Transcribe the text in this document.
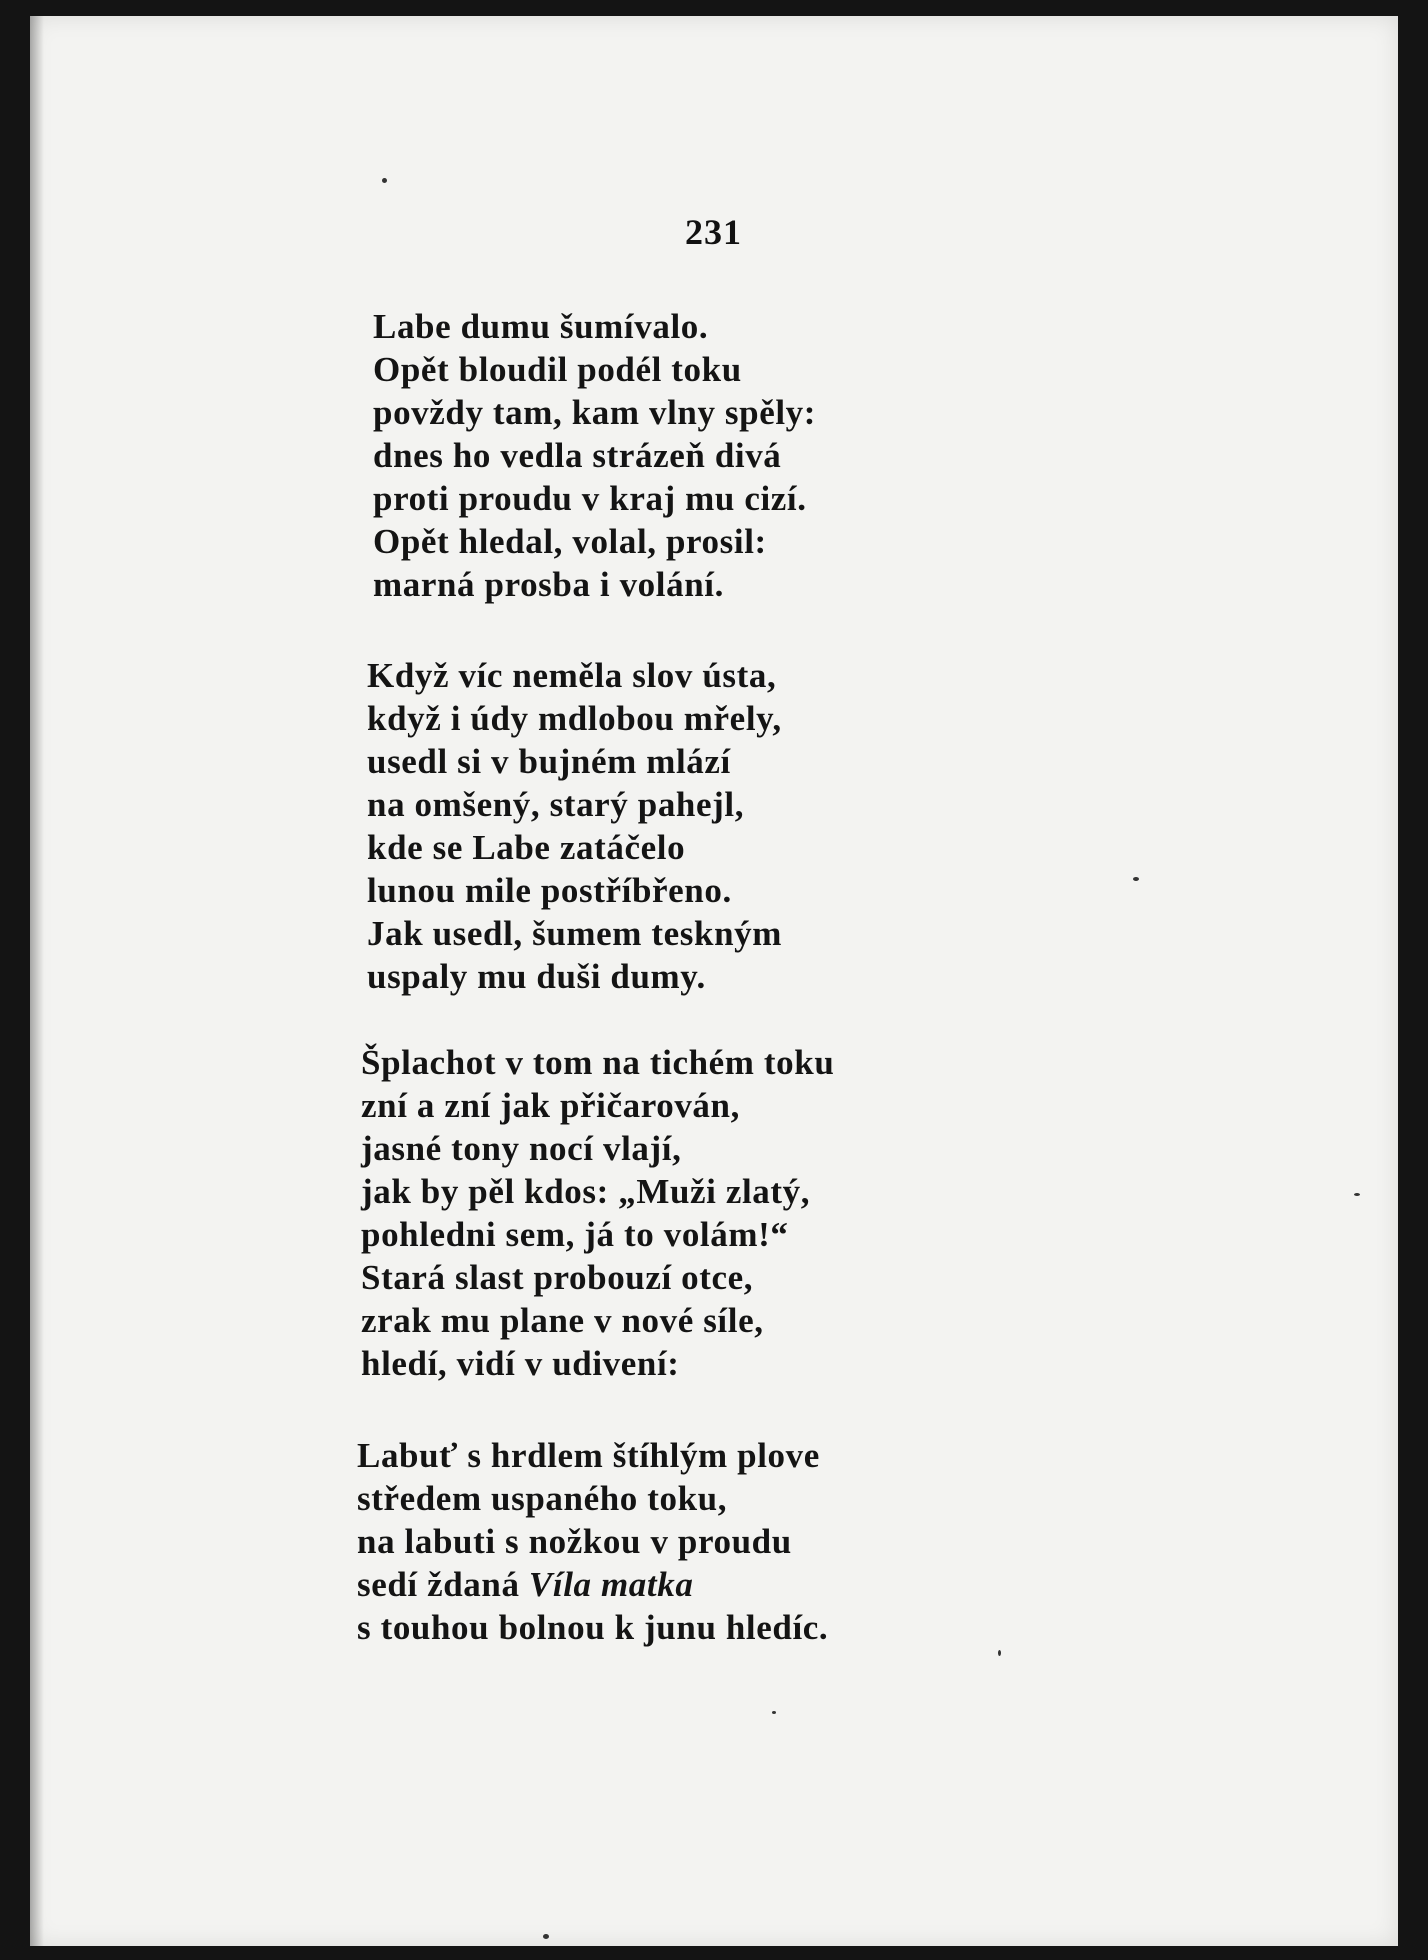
231
Labe dumu šumívalo.
Opět bloudil podél toku
povždy tam, kam vlny spěly:
dnes ho vedla strázeň divá
proti proudu v kraj mu cizí.
Opět hledal, volal, prosil:
marná prosba i volání.
Když víc neměla slov ústa,
když i údy mdlobou mřely,
usedl si v bujném mlází
na omšený, starý pahejl,
kde se Labe zatáčelo
lunou mile postříbřeno.
Jak usedl, šumem teskným
uspaly mu duši dumy.
Šplachot v tom na tichém toku
zní a zní jak přičarován,
jasné tony nocí vlají,
jak by pěl kdos: „Muži zlatý,
pohledni sem, já to volám!“
Stará slast probouzí otce,
zrak mu plane v nové síle,
hledí, vidí v udivení:
Labuť s hrdlem štíhlým plove
středem uspaného toku,
na labuti s nožkou v proudu
sedí ždaná Víla matka
s touhou bolnou k junu hledíc.
